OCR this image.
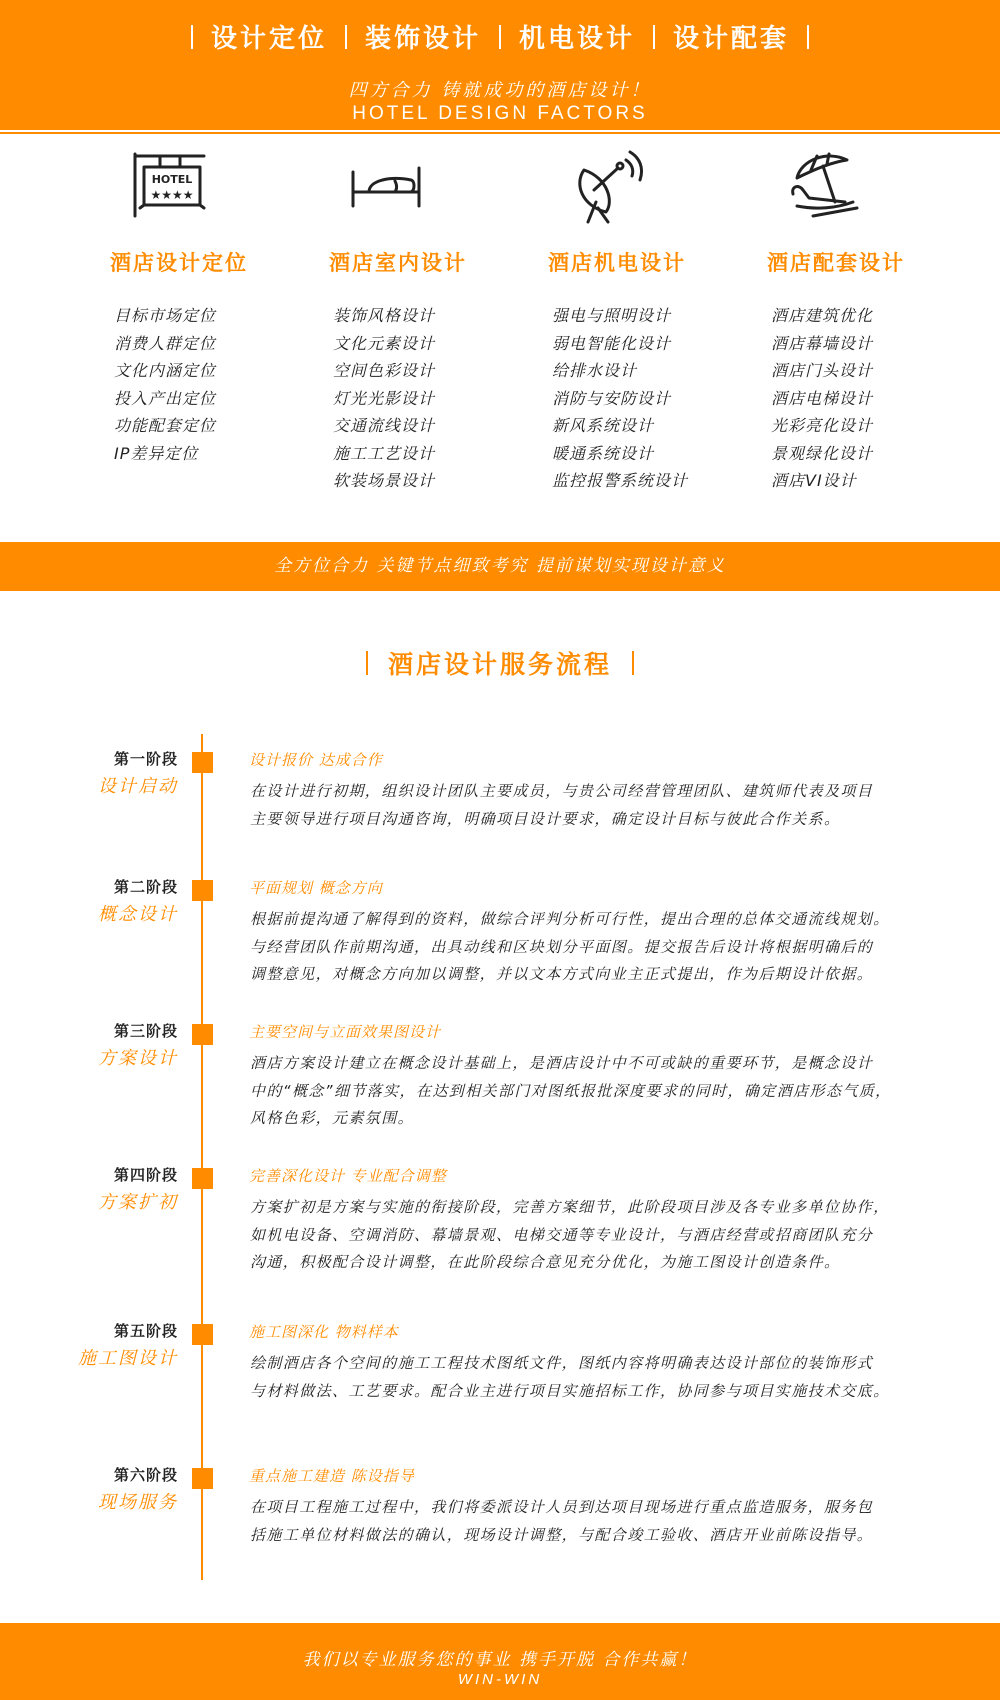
设计定位 装饰设计 机电设计 设计配套
四方合力 铸就成功的酒店设计！
HOTEL DESIGN FACTORS
HOTEL
★★★★
酒店设计定位
目标市场定位
消费人群定位
文化内涵定位
投入产出定位
功能配套定位
IP差异定位
酒店室内设计
装饰风格设计
文化元素设计
空间色彩设计
灯光光影设计
交通流线设计
施工工艺设计
软装场景设计
酒店机电设计
强电与照明设计
弱电智能化设计
给排水设计
消防与安防设计
新风系统设计
暖通系统设计
监控报警系统设计
酒店配套设计
酒店建筑优化
酒店幕墙设计
酒店门头设计
酒店电梯设计
光彩亮化设计
景观绿化设计
酒店VI设计
全方位合力 关键节点细致考究 提前谋划实现设计意义
酒店设计服务流程
第一阶段
设计启动
设计报价 达成合作
在设计进行初期，组织设计团队主要成员，与贵公司经营管理团队、建筑师代表及项目
主要领导进行项目沟通咨询，明确项目设计要求，确定设计目标与彼此合作关系。
第二阶段
概念设计
平面规划 概念方向
根据前提沟通了解得到的资料，做综合评判分析可行性，提出合理的总体交通流线规划。
与经营团队作前期沟通，出具动线和区块划分平面图。提交报告后设计将根据明确后的
调整意见，对概念方向加以调整，并以文本方式向业主正式提出，作为后期设计依据。
第三阶段
方案设计
主要空间与立面效果图设计
酒店方案设计建立在概念设计基础上，是酒店设计中不可或缺的重要环节，是概念设计
中的“概念”细节落实，在达到相关部门对图纸报批深度要求的同时，确定酒店形态气质，
风格色彩，元素氛围。
第四阶段
方案扩初
完善深化设计 专业配合调整
方案扩初是方案与实施的衔接阶段，完善方案细节，此阶段项目涉及各专业多单位协作，
如机电设备、空调消防、幕墙景观、电梯交通等专业设计，与酒店经营或招商团队充分
沟通，积极配合设计调整，在此阶段综合意见充分优化，为施工图设计创造条件。
第五阶段
施工图设计
施工图深化 物料样本
绘制酒店各个空间的施工工程技术图纸文件，图纸内容将明确表达设计部位的装饰形式
与材料做法、工艺要求。配合业主进行项目实施招标工作，协同参与项目实施技术交底。
第六阶段
现场服务
重点施工建造 陈设指导
在项目工程施工过程中，我们将委派设计人员到达项目现场进行重点监造服务，服务包
括施工单位材料做法的确认，现场设计调整，与配合竣工验收、酒店开业前陈设指导。
我们以专业服务您的事业 携手开脱 合作共赢！
WIN-WIN
